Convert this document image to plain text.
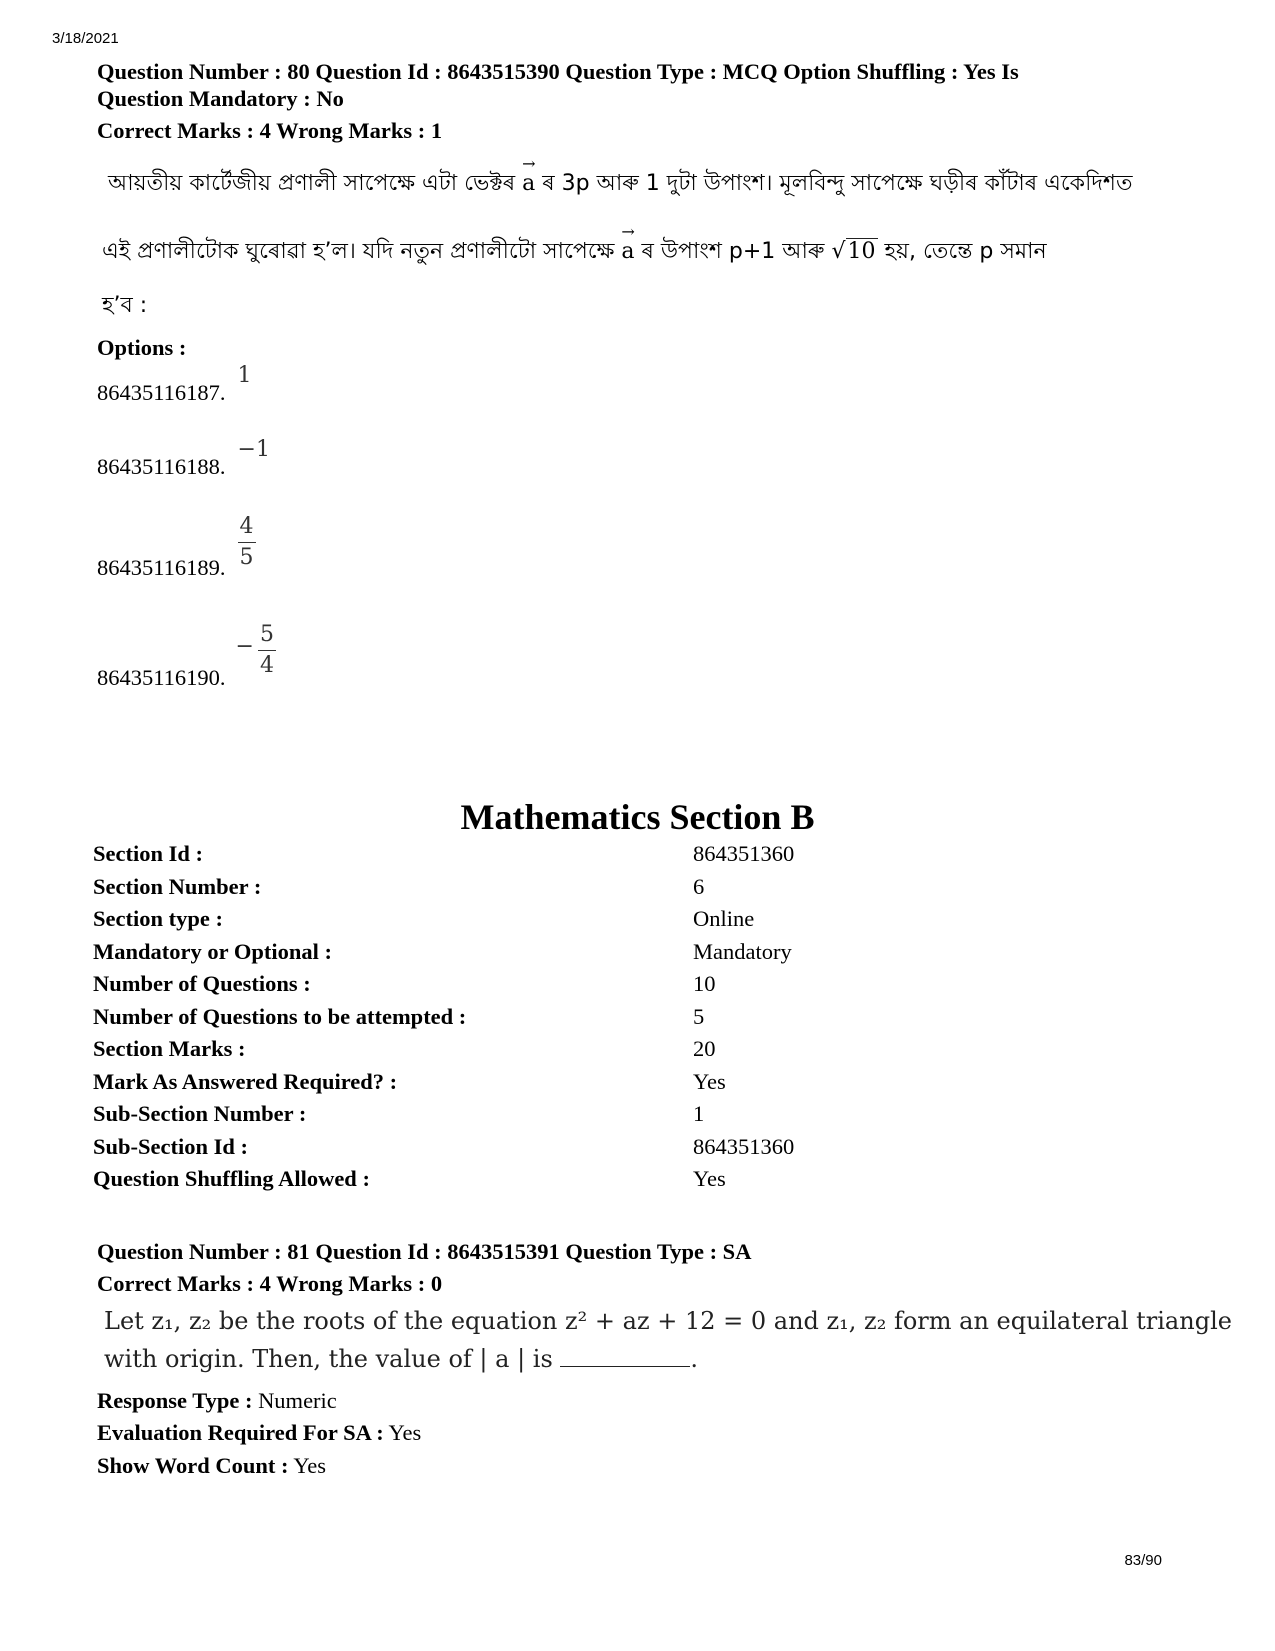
3/18/2021
Question Number : 80 Question Id : 8643515390 Question Type : MCQ Option Shuffling : Yes Is
Question Mandatory : No
Correct Marks : 4 Wrong Marks : 1
আয়তীয় কাৰ্টেজীয় প্ৰণালী সাপেক্ষে এটা ভেক্টৰ → a ৰ 3p আৰু 1 দুটা উপাংশ। মূলবিন্দু সাপেক্ষে ঘড়ীৰ কাঁটাৰ একেদিশত
এই প্ৰণালীটোক ঘুৰোৱা হ’ল। যদি নতুন প্ৰণালীটো সাপেক্ষে → a ৰ উপাংশ p+1 আৰু √10 হয়, তেন্তে p সমান
হ’ব :
Options :
86435116187. 1
86435116188. −1
86435116189. $\frac{4}{5}$
86435116190.
− $\frac{5}{4}$
Mathematics Section B
Section Id :	864351360
Section Number :	6
Section type :	Online
Mandatory or Optional :	Mandatory
Number of Questions :	10
Number of Questions to be attempted :	5
Section Marks :	20
Mark As Answered Required? :	Yes
Sub-Section Number :	1
Sub-Section Id :	864351360
Question Shuffling Allowed :	Yes
Question Number : 81 Question Id : 8643515391 Question Type : SA
Correct Marks : 4 Wrong Marks : 0
Let z₁, z₂ be the roots of the equation z² + az + 12 = 0 and z₁, z₂ form an equilateral triangle
with origin. Then, the value of | a | is	.
Response Type : Numeric
Evaluation Required For SA : Yes
Show Word Count : Yes
83/90
